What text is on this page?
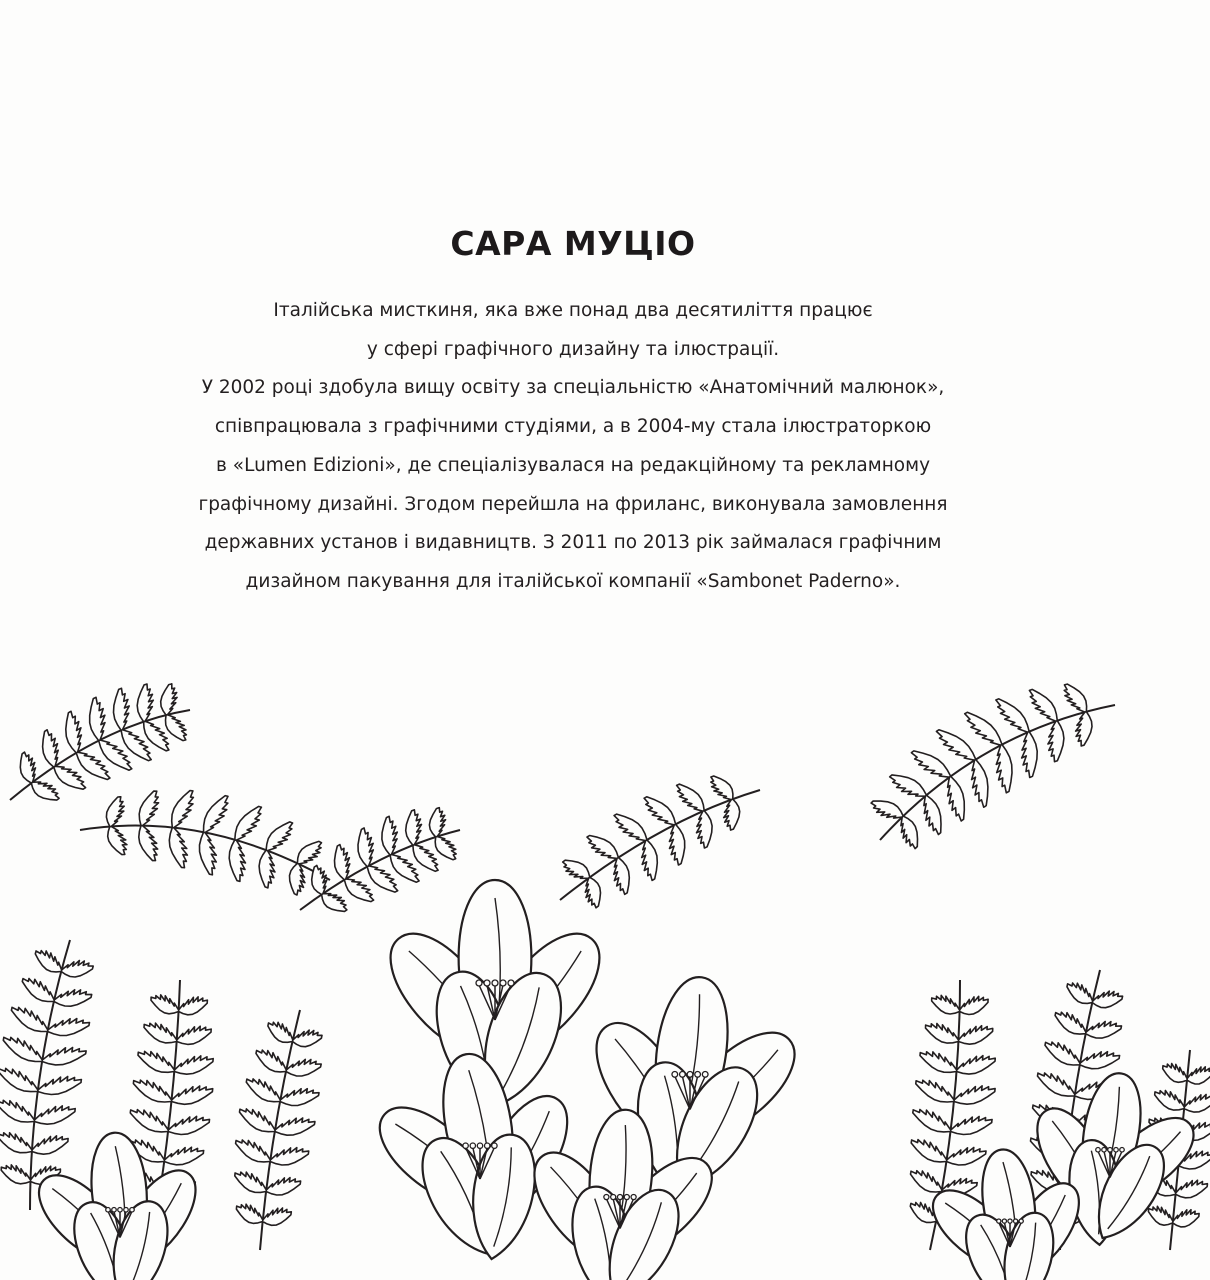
САРА МУЦІО
Італійська мисткиня, яка вже понад два десятиліття працює
у сфері графічного дизайну та ілюстрації.
У 2002 році здобула вищу освіту за спеціальністю «Анатомічний малюнок»,
співпрацювала з графічними студіями, а в 2004-му стала ілюстраторкою
в «Lumen Edizioni», де спеціалізувалася на редакційному та рекламному
графічному дизайні. Згодом перейшла на фриланс, виконувала замовлення
державних установ і видавництв. З 2011 по 2013 рік займалася графічним
дизайном пакування для італійської компанії «Sambonet Paderno».
